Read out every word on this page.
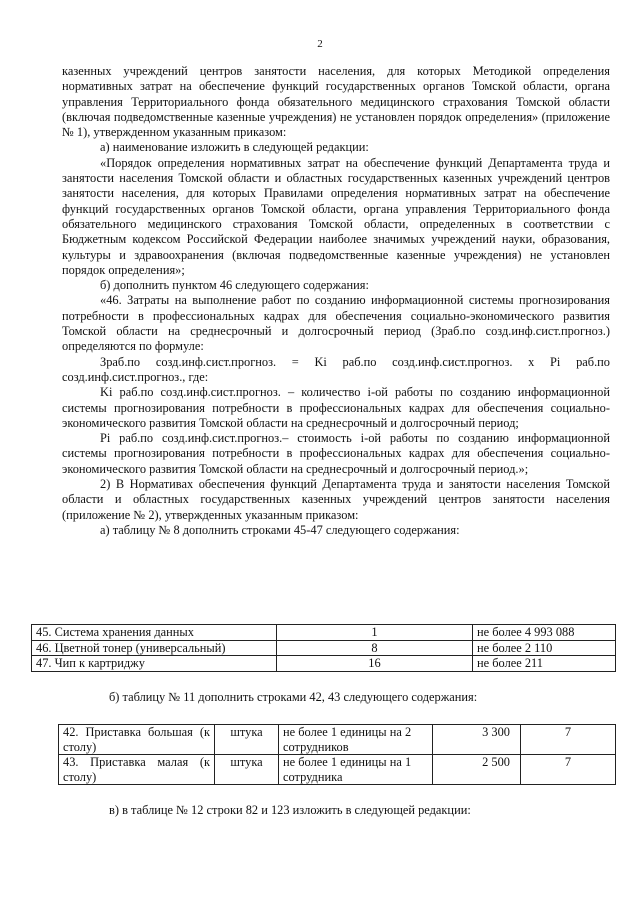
2

казенных учреждений центров занятости населения, для которых Методикой определения нормативных затрат на обеспечение функций государственных органов Томской области, органа управления Территориального фонда обязательного медицинского страхования Томской области (включая подведомственные казенные учреждения) не установлен порядок определения» (приложение № 1), утвержденном указанным приказом:

а) наименование изложить в следующей редакции:

«Порядок определения нормативных затрат на обеспечение функций Департамента труда и занятости населения Томской области и областных государственных казенных учреждений центров занятости населения, для которых Правилами определения нормативных затрат на обеспечение функций государственных органов Томской области, органа управления Территориального фонда обязательного медицинского страхования Томской области, определенных в соответствии с Бюджетным кодексом Российской Федерации наиболее значимых учреждений науки, образования, культуры и здравоохранения (включая подведомственные казенные учреждения) не установлен порядок определения»;

б) дополнить пунктом 46 следующего содержания:

«46. Затраты на выполнение работ по созданию информационной системы прогнозирования потребности в профессиональных кадрах для обеспечения социально-экономического развития Томской области на среднесрочный и долгосрочный период (Зраб.по созд.инф.сист.прогноз.) определяются по формуле:

Зраб.по созд.инф.сист.прогноз. = Ki раб.по созд.инф.сист.прогноз. x Pi раб.по созд.инф.сист.прогноз., где:

Ki раб.по созд.инф.сист.прогноз. – количество i-ой работы по созданию информационной системы прогнозирования потребности в профессиональных кадрах для обеспечения социально-экономического развития Томской области на среднесрочный и долгосрочный период;

Pi раб.по созд.инф.сист.прогноз.– стоимость i-ой работы по созданию информационной системы прогнозирования потребности в профессиональных кадрах для обеспечения социально-экономического развития Томской области на среднесрочный и долгосрочный период.»;

2) В Нормативах обеспечения функций Департамента труда и занятости населения Томской области и областных государственных казенных учреждений центров занятости населения (приложение № 2), утвержденных указанным приказом:

а) таблицу № 8 дополнить строками 45-47 следующего содержания:

45. Система хранения данных	1	не более 4 993 088
46. Цветной тонер (универсальный)	8	не более 2 110
47. Чип к картриджу	16	не более 211
б) таблицу № 11 дополнить строками 42, 43 следующего содержания:
42. Приставка большая (к столу)	штука	не более 1 единицы на 2 сотрудников	3 300	7
43. Приставка малая (к столу)	штука	не более 1 единицы на 1 сотрудника	2 500	7
в) в таблице № 12 строки 82 и 123 изложить в следующей редакции:
